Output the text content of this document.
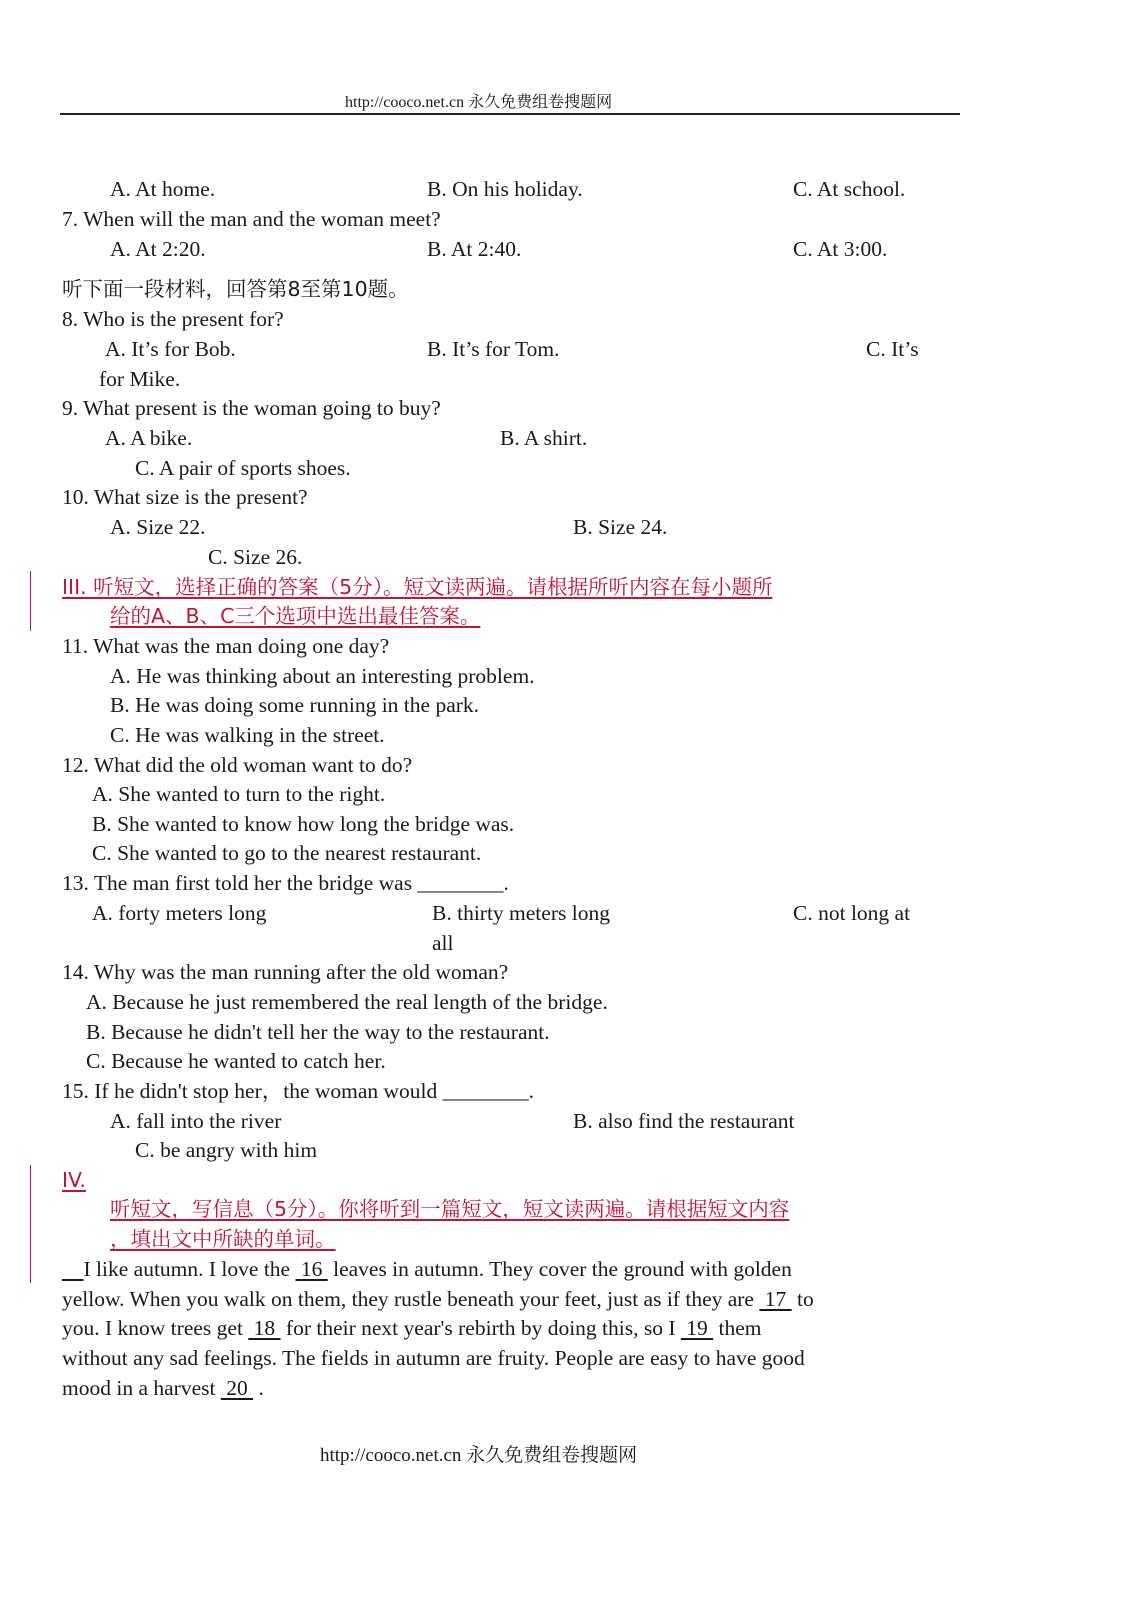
http://cooco.net.cn 永久免费组卷搜题网
A. At home.	B. On his holiday.	C. At school.
7. When will the man and the woman meet?
A. At 2:20.	B. At 2:40.	C. At 3:00.
听下面一段材料，回答第8至第10题。
8. Who is the present for?
A. It’s for Bob.	B. It’s for Tom.	C. It’s
for Mike.
9. What present is the woman going to buy?
A. A bike.	B. A shirt.
C. A pair of sports shoes.
10. What size is the present?
A. Size 22.	B. Size 24.
C. Size 26.
III. 听短文，选择正确的答案（5分）。短文读两遍。请根据所听内容在每小题所
给的A、B、C三个选项中选出最佳答案。
11. What was the man doing one day?
A. He was thinking about an interesting problem.
B. He was doing some running in the park.
C. He was walking in the street.
12. What did the old woman want to do?
A. She wanted to turn to the right.
B. She wanted to know how long the bridge was.
C. She wanted to go to the nearest restaurant.
13. The man first told her the bridge was ________.
A. forty meters long	B. thirty meters long	C. not long at
all
14. Why was the man running after the old woman?
A. Because he just remembered the real length of the bridge.
B. Because he didn't tell her the way to the restaurant.
C. Because he wanted to catch her.
15. If he didn't stop her，the woman would ________.
A. fall into the river	B. also find the restaurant
C. be angry with him
IV.
听短文，写信息（5分）。你将听到一篇短文，短文读两遍。请根据短文内容
，填出文中所缺的单词。
I like autumn. I love the  16  leaves in autumn. They cover the ground with golden
yellow. When you walk on them, they rustle beneath your feet, just as if they are  17  to
you. I know trees get  18  for their next year's rebirth by doing this, so I  19  them
without any sad feelings. The fields in autumn are fruity. People are easy to have good
mood in a harvest  20  .
http://cooco.net.cn 永久免费组卷搜题网
